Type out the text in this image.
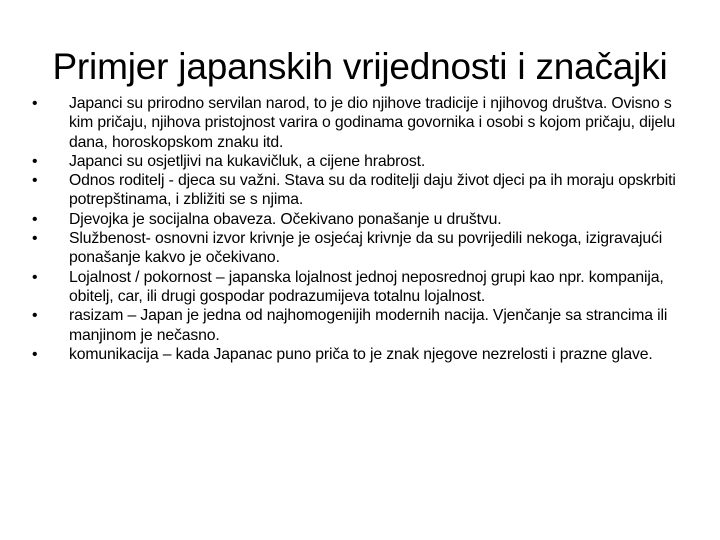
Primjer japanskih vrijednosti i značajki
•	Japanci su prirodno servilan narod, to je dio njihove tradicije i njihovog društva. Ovisno s kim pričaju, njihova pristojnost varira o godinama govornika i osobi s kojom pričaju, dijelu dana, horoskopskom znaku itd.
•	Japanci su osjetljivi na kukavičluk, a cijene hrabrost.
•	Odnos roditelj - djeca su važni. Stava su da roditelji daju život djeci pa ih moraju opskrbiti potrepštinama, i zbližiti se s njima.
•	Djevojka je socijalna obaveza. Očekivano ponašanje u društvu.
•	Službenost- osnovni izvor krivnje je osjećaj krivnje da su povrijedili nekoga, izigravajući ponašanje kakvo je očekivano.
•	Lojalnost / pokornost – japanska lojalnost jednoj neposrednoj grupi kao npr. kompanija, obitelj, car, ili drugi gospodar podrazumijeva totalnu lojalnost.
•	rasizam – Japan je jedna od najhomogenijih modernih nacija. Vjenčanje sa strancima ili manjinom je nečasno.
•	komunikacija – kada Japanac puno priča to je znak njegove nezrelosti i prazne glave.
